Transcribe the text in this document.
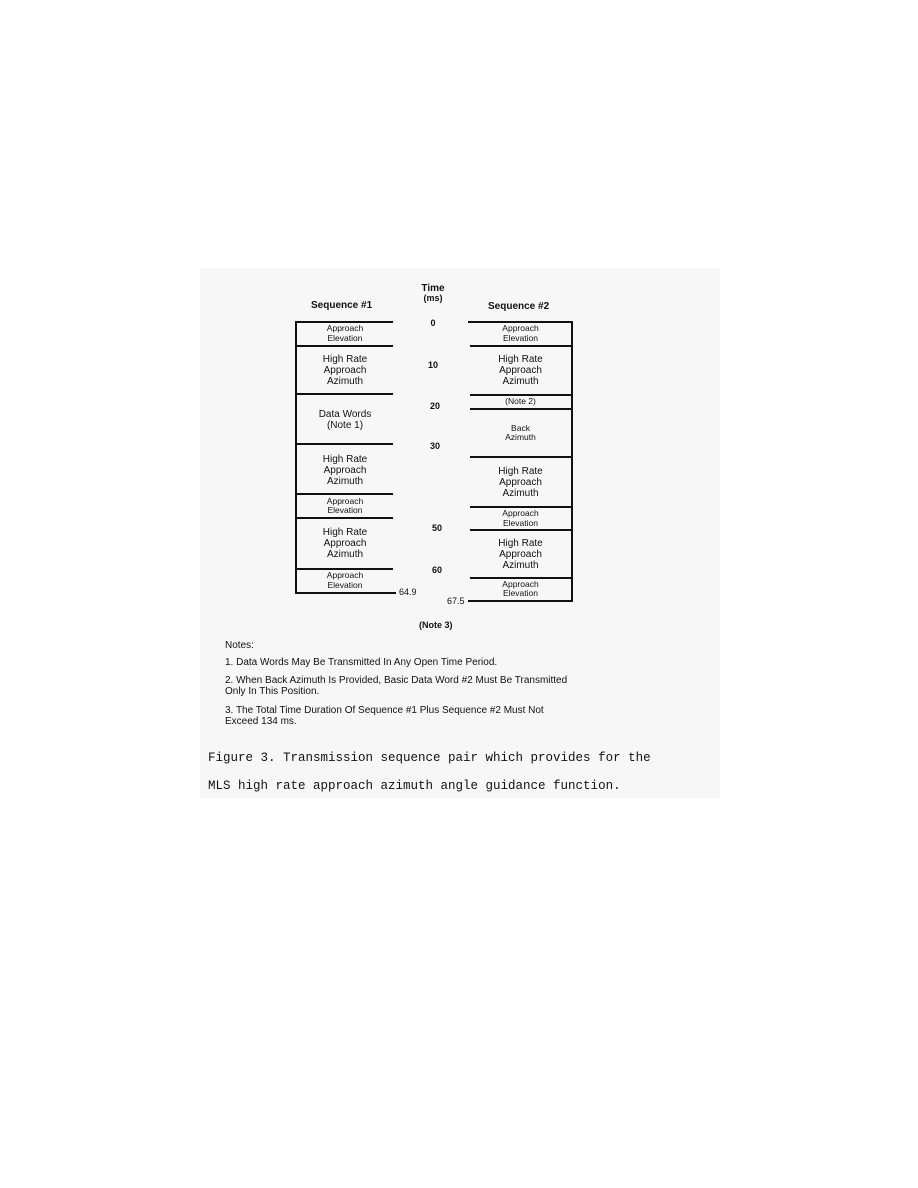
Time
(ms)
Sequence #1	Sequence #2
0
10
20
30
50
60
Approach
Elevation
High Rate
Approach
Azimuth
Data Words
(Note 1)
High Rate
Approach
Azimuth
Approach
Elevation
High Rate
Approach
Azimuth
Approach
Elevation
64.9
Approach
Elevation
High Rate
Approach
Azimuth
(Note 2)
Back
Azimuth
High Rate
Approach
Azimuth
Approach
Elevation
High Rate
Approach
Azimuth
Approach
Elevation
67.5
(Note 3)
Notes:
1. Data Words May Be Transmitted In Any Open Time Period.
2. When Back Azimuth Is Provided, Basic Data Word #2 Must Be Transmitted
Only In This Position.
3. The Total Time Duration Of Sequence #1 Plus Sequence #2 Must Not
Exceed 134 ms.
Figure 3. Transmission sequence pair which provides for the
MLS high rate approach azimuth angle guidance function.
